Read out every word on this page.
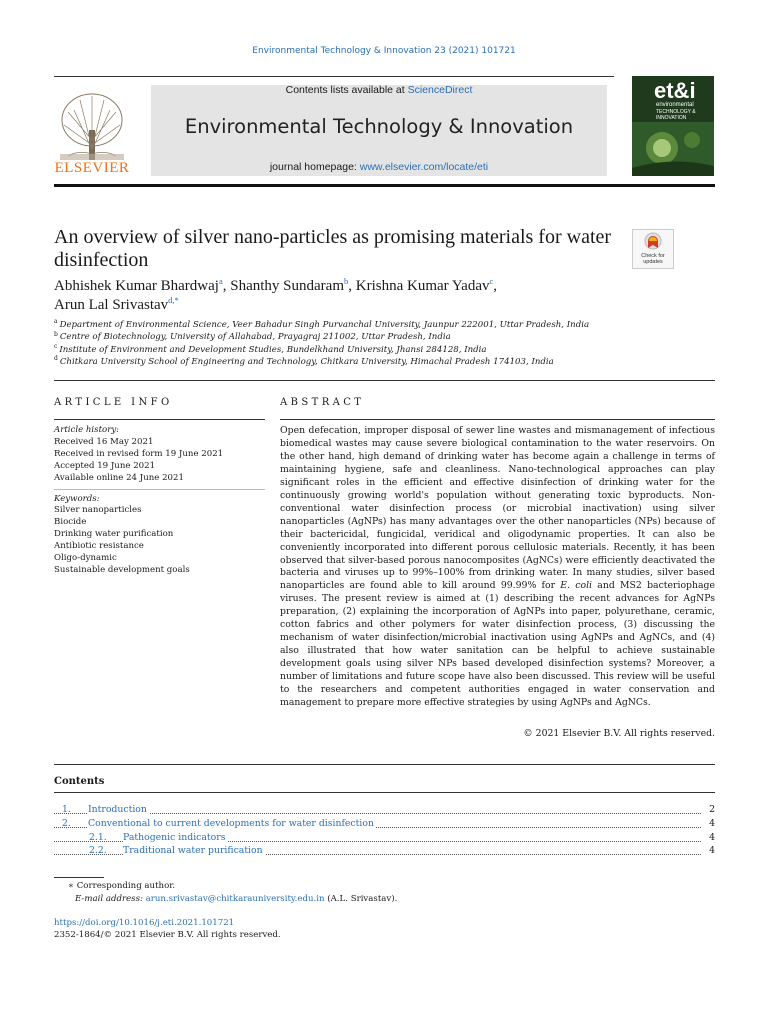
Environmental Technology & Innovation 23 (2021) 101721
ELSEVIER
Contents lists available at ScienceDirect
Environmental Technology & Innovation
journal homepage: www.elsevier.com/locate/eti
et&i
environmental
TECHNOLOGY &
INNOVATION
An overview of silver nano-particles as promising materials for water disinfection	Check for updates
Abhishek Kumar Bhardwaj$^a$, Shanthy Sundaram$^b$, Krishna Kumar Yadav$^c$,
Arun Lal Srivastav$^{d,*}$
$^a$ Department of Environmental Science, Veer Bahadur Singh Purvanchal University, Jaunpur 222001, Uttar Pradesh, India
$^b$ Centre of Biotechnology, University of Allahabad, Prayagraj 211002, Uttar Pradesh, India
$^c$ Institute of Environment and Development Studies, Bundelkhand University, Jhansi 284128, India
$^d$ Chitkara University School of Engineering and Technology, Chitkara University, Himachal Pradesh 174103, India
ARTICLE INFO	ABSTRACT
Article history:
Received 16 May 2021
Received in revised form 19 June 2021
Accepted 19 June 2021
Available online 24 June 2021
Keywords:
Silver nanoparticles
Biocide
Drinking water purification
Antibiotic resistance
Oligo-dynamic
Sustainable development goals
Open defecation, improper disposal of sewer line wastes and mismanagement of infectious biomedical wastes may cause severe biological contamination to the water reservoirs. On the other hand, high demand of drinking water has become again a challenge in terms of maintaining hygiene, safe and cleanliness. Nano-technological approaches can play significant roles in the efficient and effective disinfection of drinking water for the continuously growing world's population without generating toxic byproducts. Non-conventional water disinfection process (or microbial inactivation) using silver nanoparticles (AgNPs) has many advantages over the other nanoparticles (NPs) because of their bactericidal, fungicidal, veridical and oligodynamic properties. It can also be conveniently incorporated into different porous cellulosic materials. Recently, it has been observed that silver-based porous nanocomposites (AgNCs) were efficiently deactivated the bacteria and viruses up to 99%–100% from drinking water. In many studies, silver based nanoparticles are found able to kill around 99.99% for E. coli and MS2 bacteriophage viruses. The present review is aimed at (1) describing the recent advances for AgNPs preparation, (2) explaining the incorporation of AgNPs into paper, polyurethane, ceramic, cotton fabrics and other polymers for water disinfection process, (3) discussing the mechanism of water disinfection/microbial inactivation using AgNPs and AgNCs, and (4) also illustrated that how water sanitation can be helpful to achieve sustainable development goals using silver NPs based developed disinfection systems? Moreover, a number of limitations and future scope have also been discussed. This review will be useful to the researchers and competent authorities engaged in water conservation and management to prepare more effective strategies by using AgNPs and AgNCs.
© 2021 Elsevier B.V. All rights reserved.
Contents
1. Introduction	2
2. Conventional to current developments for water disinfection	4
2.1. Pathogenic indicators	4
2.2. Traditional water purification	4
∗ Corresponding author.
E-mail address: arun.srivastav@chitkarauniversity.edu.in (A.L. Srivastav).
https://doi.org/10.1016/j.eti.2021.101721
2352-1864/© 2021 Elsevier B.V. All rights reserved.
